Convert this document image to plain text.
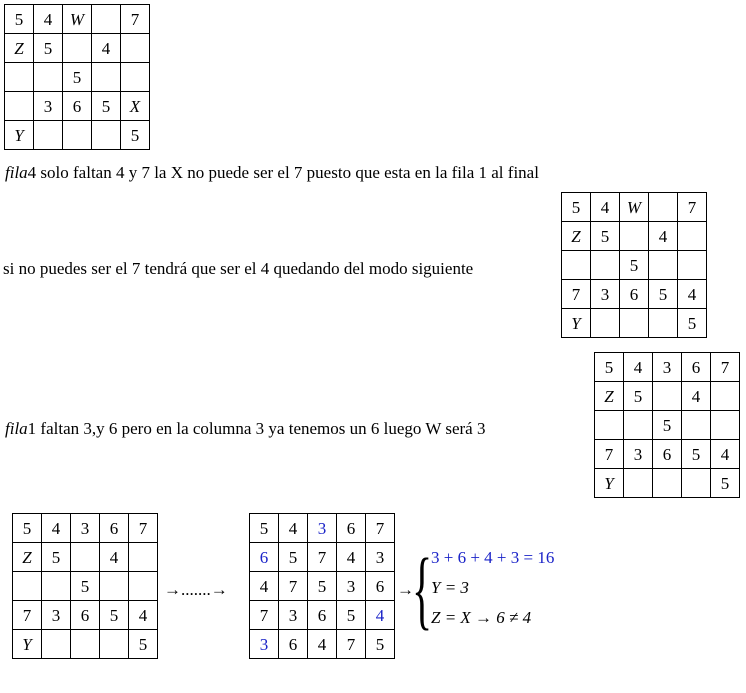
5	4	W		7
Z	5		4	
		5		
	3	6	5	X
Y				5
fila4 solo faltan 4 y 7 la X no puede ser el 7 puesto que esta en la fila 1 al final
si no puedes ser el 7 tendrá que ser el 4 quedando del modo siguiente
5	4	W		7
Z	5		4	
		5		
7	3	6	5	4
Y				5
fila1 faltan 3,y 6 pero en la columna 3 ya tenemos un 6 luego W será 3
5	4	3	6	7
Z	5		4	
		5		
7	3	6	5	4
Y				5
5	4	3	6	7
Z	5		4	
		5		
7	3	6	5	4
Y				5
→.......→
5	4	3	6	7
6	5	7	4	3
4	7	5	3	6
7	3	6	5	4
3	6	4	7	5
→
{
3 + 6 + 4 + 3 = 16
Y = 3
Z = X → 6 ≠ 4
